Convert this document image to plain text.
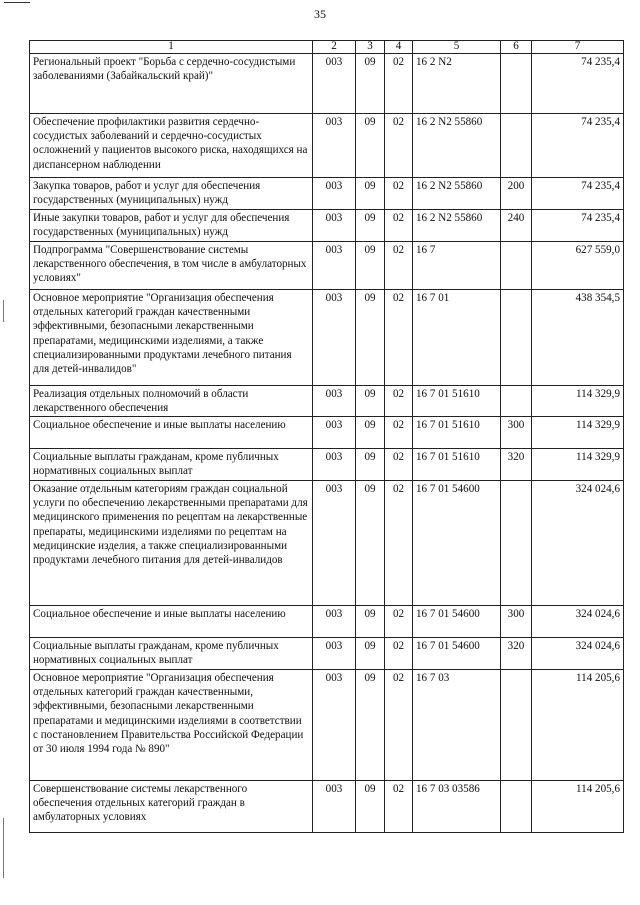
35
1	2	3	4	5	6	7
Региональный проект "Борьба с сердечно-сосудистыми заболеваниями (Забайкальский край)"	003	09	02	16 2 N2		74 235,4
Обеспечение профилактики развития сердечно-сосудистых заболеваний и сердечно-сосудистых осложнений у пациентов высокого риска, находящихся на диспансерном наблюдении	003	09	02	16 2 N2 55860		74 235,4
Закупка товаров, работ и услуг для обеспечения государственных (муниципальных) нужд	003	09	02	16 2 N2 55860	200	74 235,4
Иные закупки товаров, работ и услуг для обеспечения государственных (муниципальных) нужд	003	09	02	16 2 N2 55860	240	74 235,4
Подпрограмма "Совершенствование системы лекарственного обеспечения, в том числе в амбулаторных условиях"	003	09	02	16 7		627 559,0
Основное мероприятие "Организация обеспечения отдельных категорий граждан качественными эффективными, безопасными лекарственными препаратами, медицинскими изделиями, а также специализированными продуктами лечебного питания для детей-инвалидов"	003	09	02	16 7 01		438 354,5
Реализация отдельных полномочий в области лекарственного обеспечения	003	09	02	16 7 01 51610		114 329,9
Социальное обеспечение и иные выплаты населению	003	09	02	16 7 01 51610	300	114 329,9
Социальные выплаты гражданам, кроме публичных нормативных социальных выплат	003	09	02	16 7 01 51610	320	114 329,9
Оказание отдельным категориям граждан социальной услуги по обеспечению лекарственными препаратами для медицинского применения по рецептам на лекарственные препараты, медицинскими изделиями по рецептам на медицинские изделия, а также специализированными продуктами лечебного питания для детей-инвалидов	003	09	02	16 7 01 54600		324 024,6
Социальное обеспечение и иные выплаты населению	003	09	02	16 7 01 54600	300	324 024,6
Социальные выплаты гражданам, кроме публичных нормативных социальных выплат	003	09	02	16 7 01 54600	320	324 024,6
Основное мероприятие "Организация обеспечения отдельных категорий граждан качественными, эффективными, безопасными лекарственными препаратами и медицинскими изделиями в соответствии с постановлением Правительства Российской Федерации от 30 июля 1994 года № 890"	003	09	02	16 7 03		114 205,6
Совершенствование системы лекарственного обеспечения отдельных категорий граждан в амбулаторных условиях	003	09	02	16 7 03 03586		114 205,6
